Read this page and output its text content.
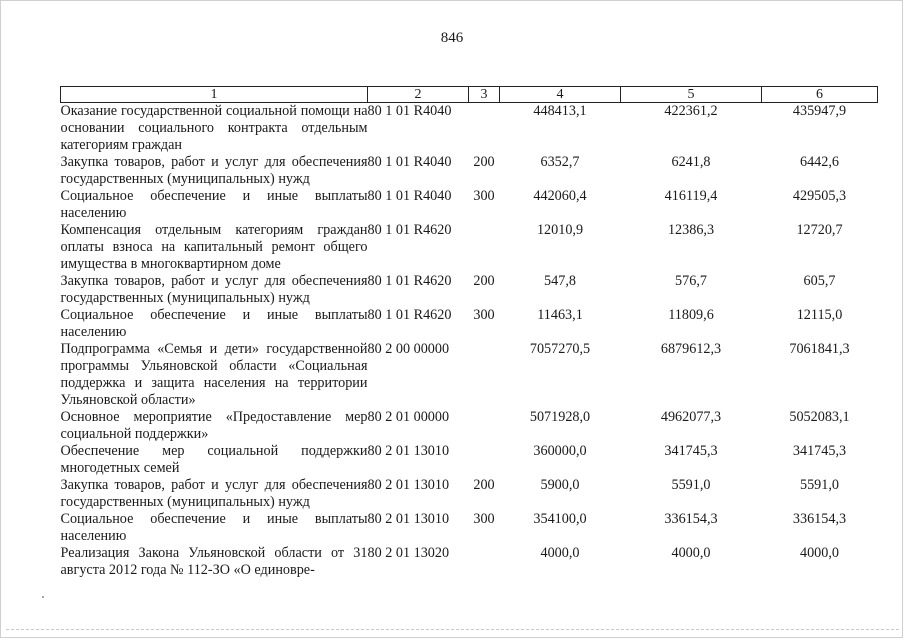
846
1	2	3	4	5	6
Оказание государственной социальной помощи на основании социального контракта отдельным категориям граждан	80 1 01 R4040		448413,1	422361,2	435947,9
Закупка товаров, работ и услуг для обеспечения государственных (муниципальных) нужд	80 1 01 R4040	200	6352,7	6241,8	6442,6
Социальное обеспечение и иные выплаты населению	80 1 01 R4040	300	442060,4	416119,4	429505,3
Компенсация отдельным категориям граждан оплаты взноса на капитальный ремонт общего имущества в многоквартирном доме	80 1 01 R4620		12010,9	12386,3	12720,7
Закупка товаров, работ и услуг для обеспечения государственных (муниципальных) нужд	80 1 01 R4620	200	547,8	576,7	605,7
Социальное обеспечение и иные выплаты населению	80 1 01 R4620	300	11463,1	11809,6	12115,0
Подпрограмма «Семья и дети» государственной программы Ульяновской области «Социальная поддержка и защита населения на территории Ульяновской области»	80 2 00 00000		7057270,5	6879612,3	7061841,3
Основное мероприятие «Предоставление мер социальной поддержки»	80 2 01 00000		5071928,0	4962077,3	5052083,1
Обеспечение мер социальной поддержки многодетных семей	80 2 01 13010		360000,0	341745,3	341745,3
Закупка товаров, работ и услуг для обеспечения государственных (муниципальных) нужд	80 2 01 13010	200	5900,0	5591,0	5591,0
Социальное обеспечение и иные выплаты населению	80 2 01 13010	300	354100,0	336154,3	336154,3
Реализация Закона Ульяновской области от 31 августа 2012 года № 112-ЗО «О единовре-	80 2 01 13020		4000,0	4000,0	4000,0
